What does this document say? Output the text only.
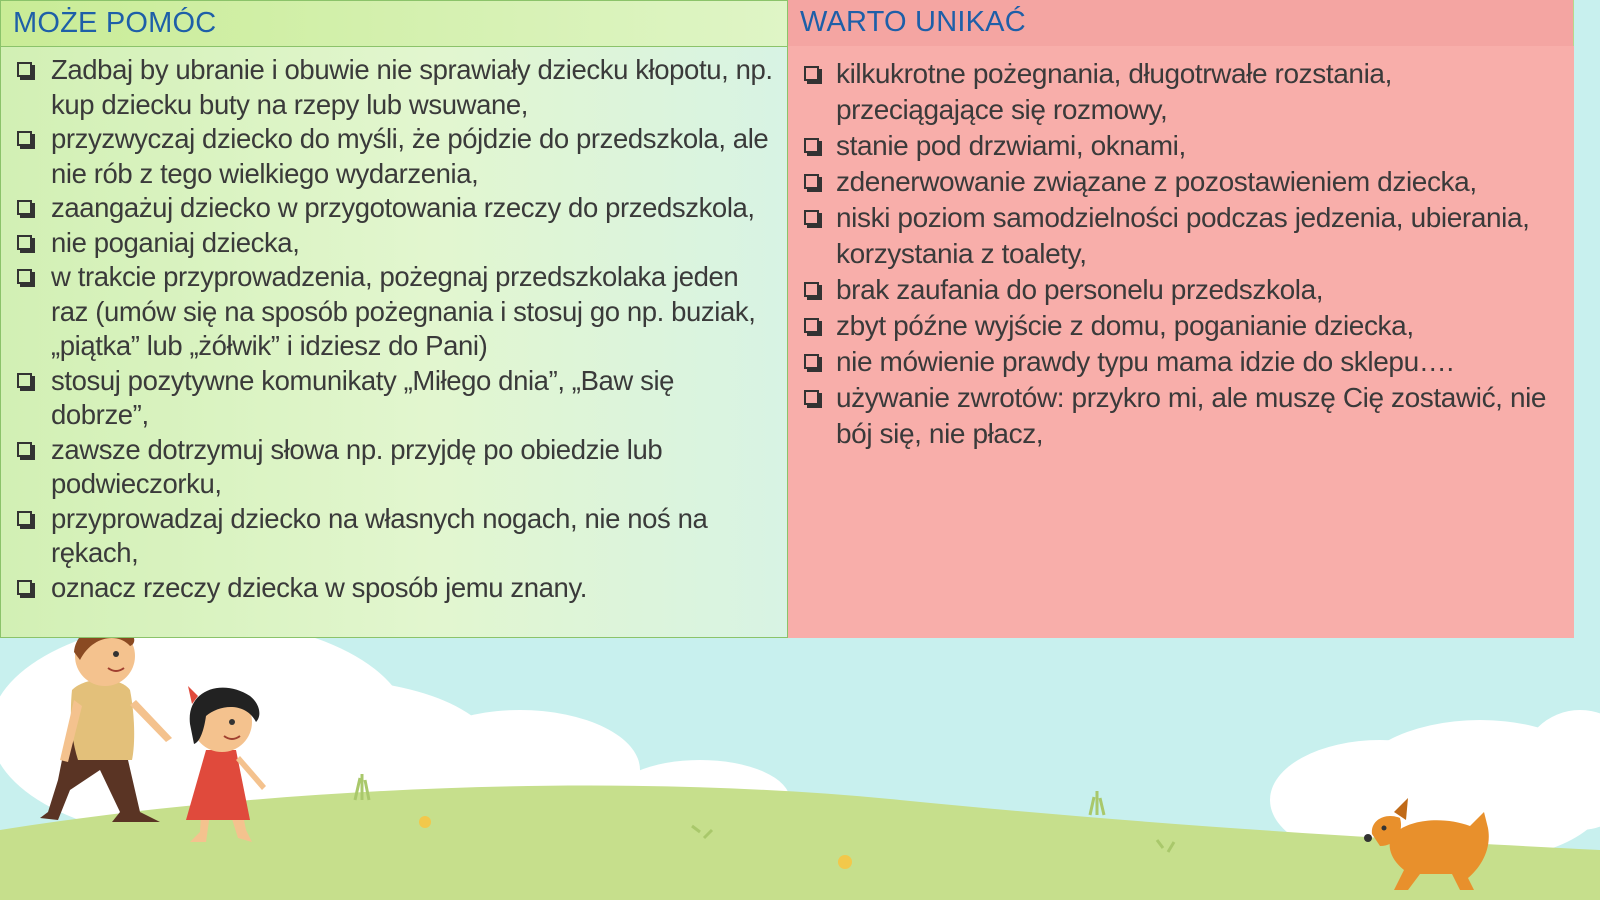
MOŻE POMÓC
Zadbaj by ubranie i obuwie nie sprawiały dziecku kłopotu, np. kup dziecku buty na rzepy lub wsuwane,
przyzwyczaj dziecko do myśli, że pójdzie do przedszkola, ale nie rób z tego wielkiego wydarzenia,
zaangażuj dziecko w przygotowania rzeczy do przedszkola,
nie poganiaj dziecka,
w trakcie przyprowadzenia, pożegnaj przedszkolaka jeden raz (umów się na sposób pożegnania i stosuj go np. buziak, „piątka” lub „żółwik” i idziesz do Pani)
stosuj pozytywne komunikaty „Miłego dnia”, „Baw się dobrze”,
zawsze dotrzymuj słowa np. przyjdę po obiedzie lub podwieczorku,
przyprowadzaj dziecko na własnych nogach, nie noś na rękach,
oznacz rzeczy dziecka w sposób jemu znany.
WARTO UNIKAĆ
kilkukrotne pożegnania, długotrwałe rozstania, przeciągające się rozmowy,
stanie pod drzwiami, oknami,
zdenerwowanie związane z pozostawieniem dziecka,
niski poziom samodzielności podczas jedzenia, ubierania, korzystania z toalety,
brak zaufania do personelu przedszkola,
zbyt późne wyjście z domu, poganianie dziecka,
nie mówienie prawdy typu mama idzie do sklepu….
używanie zwrotów: przykro mi, ale muszę Cię zostawić, nie bój się, nie płacz,
